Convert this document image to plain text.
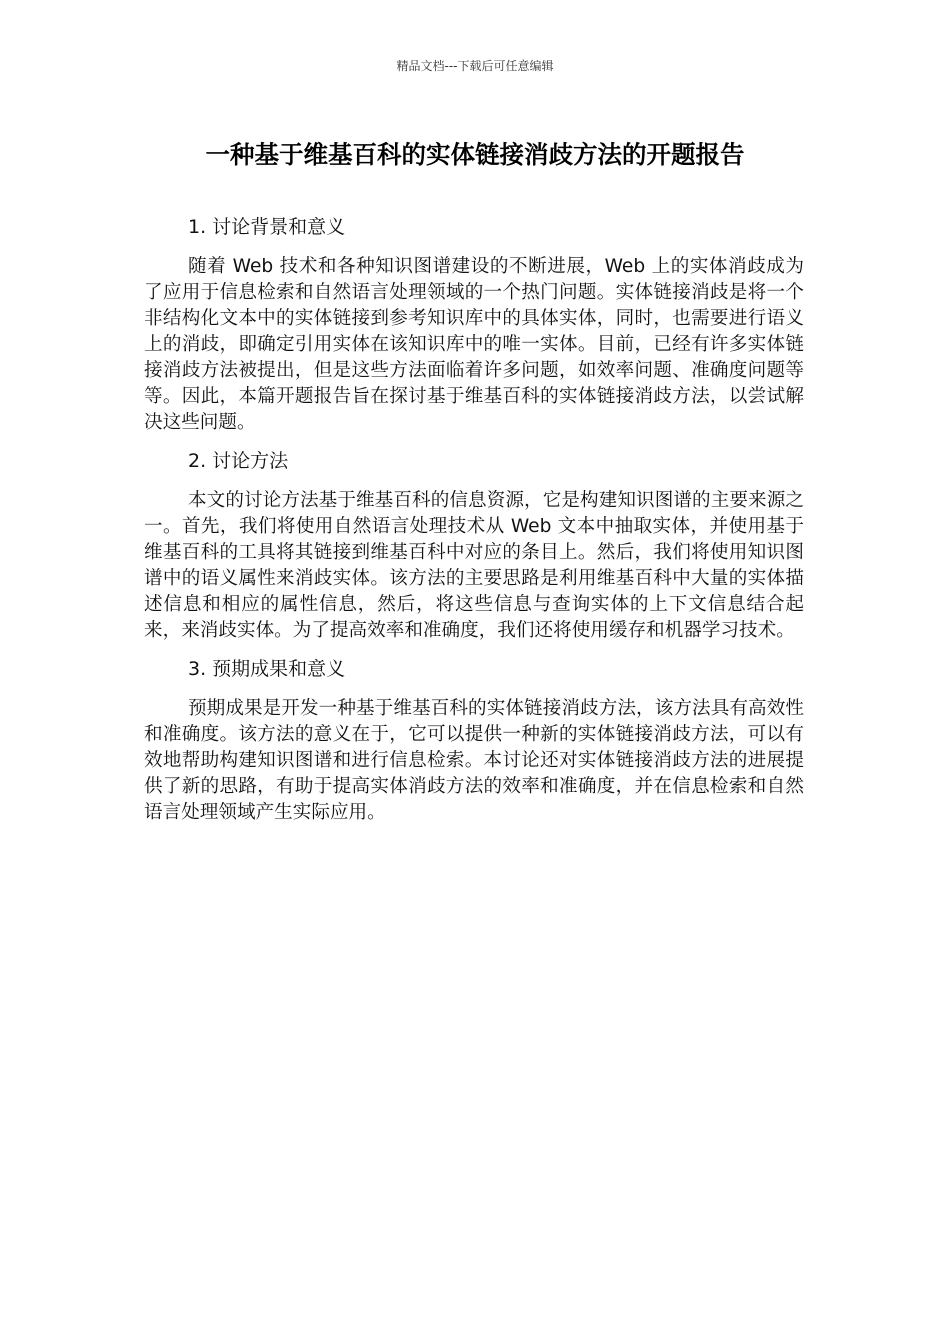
精品文档---下载后可任意编辑
一种基于维基百科的实体链接消歧方法的开题报告

1. 讨论背景和意义

随着 Web 技术和各种知识图谱建设的不断进展，Web 上的实体消歧成为了应用于信息检索和自然语言处理领域的一个热门问题。实体链接消歧是将一个非结构化文本中的实体链接到参考知识库中的具体实体，同时，也需要进行语义上的消歧，即确定引用实体在该知识库中的唯一实体。目前，已经有许多实体链接消歧方法被提出，但是这些方法面临着许多问题，如效率问题、准确度问题等等。因此，本篇开题报告旨在探讨基于维基百科的实体链接消歧方法，以尝试解决这些问题。

2. 讨论方法

本文的讨论方法基于维基百科的信息资源，它是构建知识图谱的主要来源之一。首先，我们将使用自然语言处理技术从 Web 文本中抽取实体，并使用基于维基百科的工具将其链接到维基百科中对应的条目上。然后，我们将使用知识图谱中的语义属性来消歧实体。该方法的主要思路是利用维基百科中大量的实体描述信息和相应的属性信息，然后，将这些信息与查询实体的上下文信息结合起来，来消歧实体。为了提高效率和准确度，我们还将使用缓存和机器学习技术。

3. 预期成果和意义

预期成果是开发一种基于维基百科的实体链接消歧方法，该方法具有高效性和准确度。该方法的意义在于，它可以提供一种新的实体链接消歧方法，可以有效地帮助构建知识图谱和进行信息检索。本讨论还对实体链接消歧方法的进展提供了新的思路，有助于提高实体消歧方法的效率和准确度，并在信息检索和自然语言处理领域产生实际应用。
